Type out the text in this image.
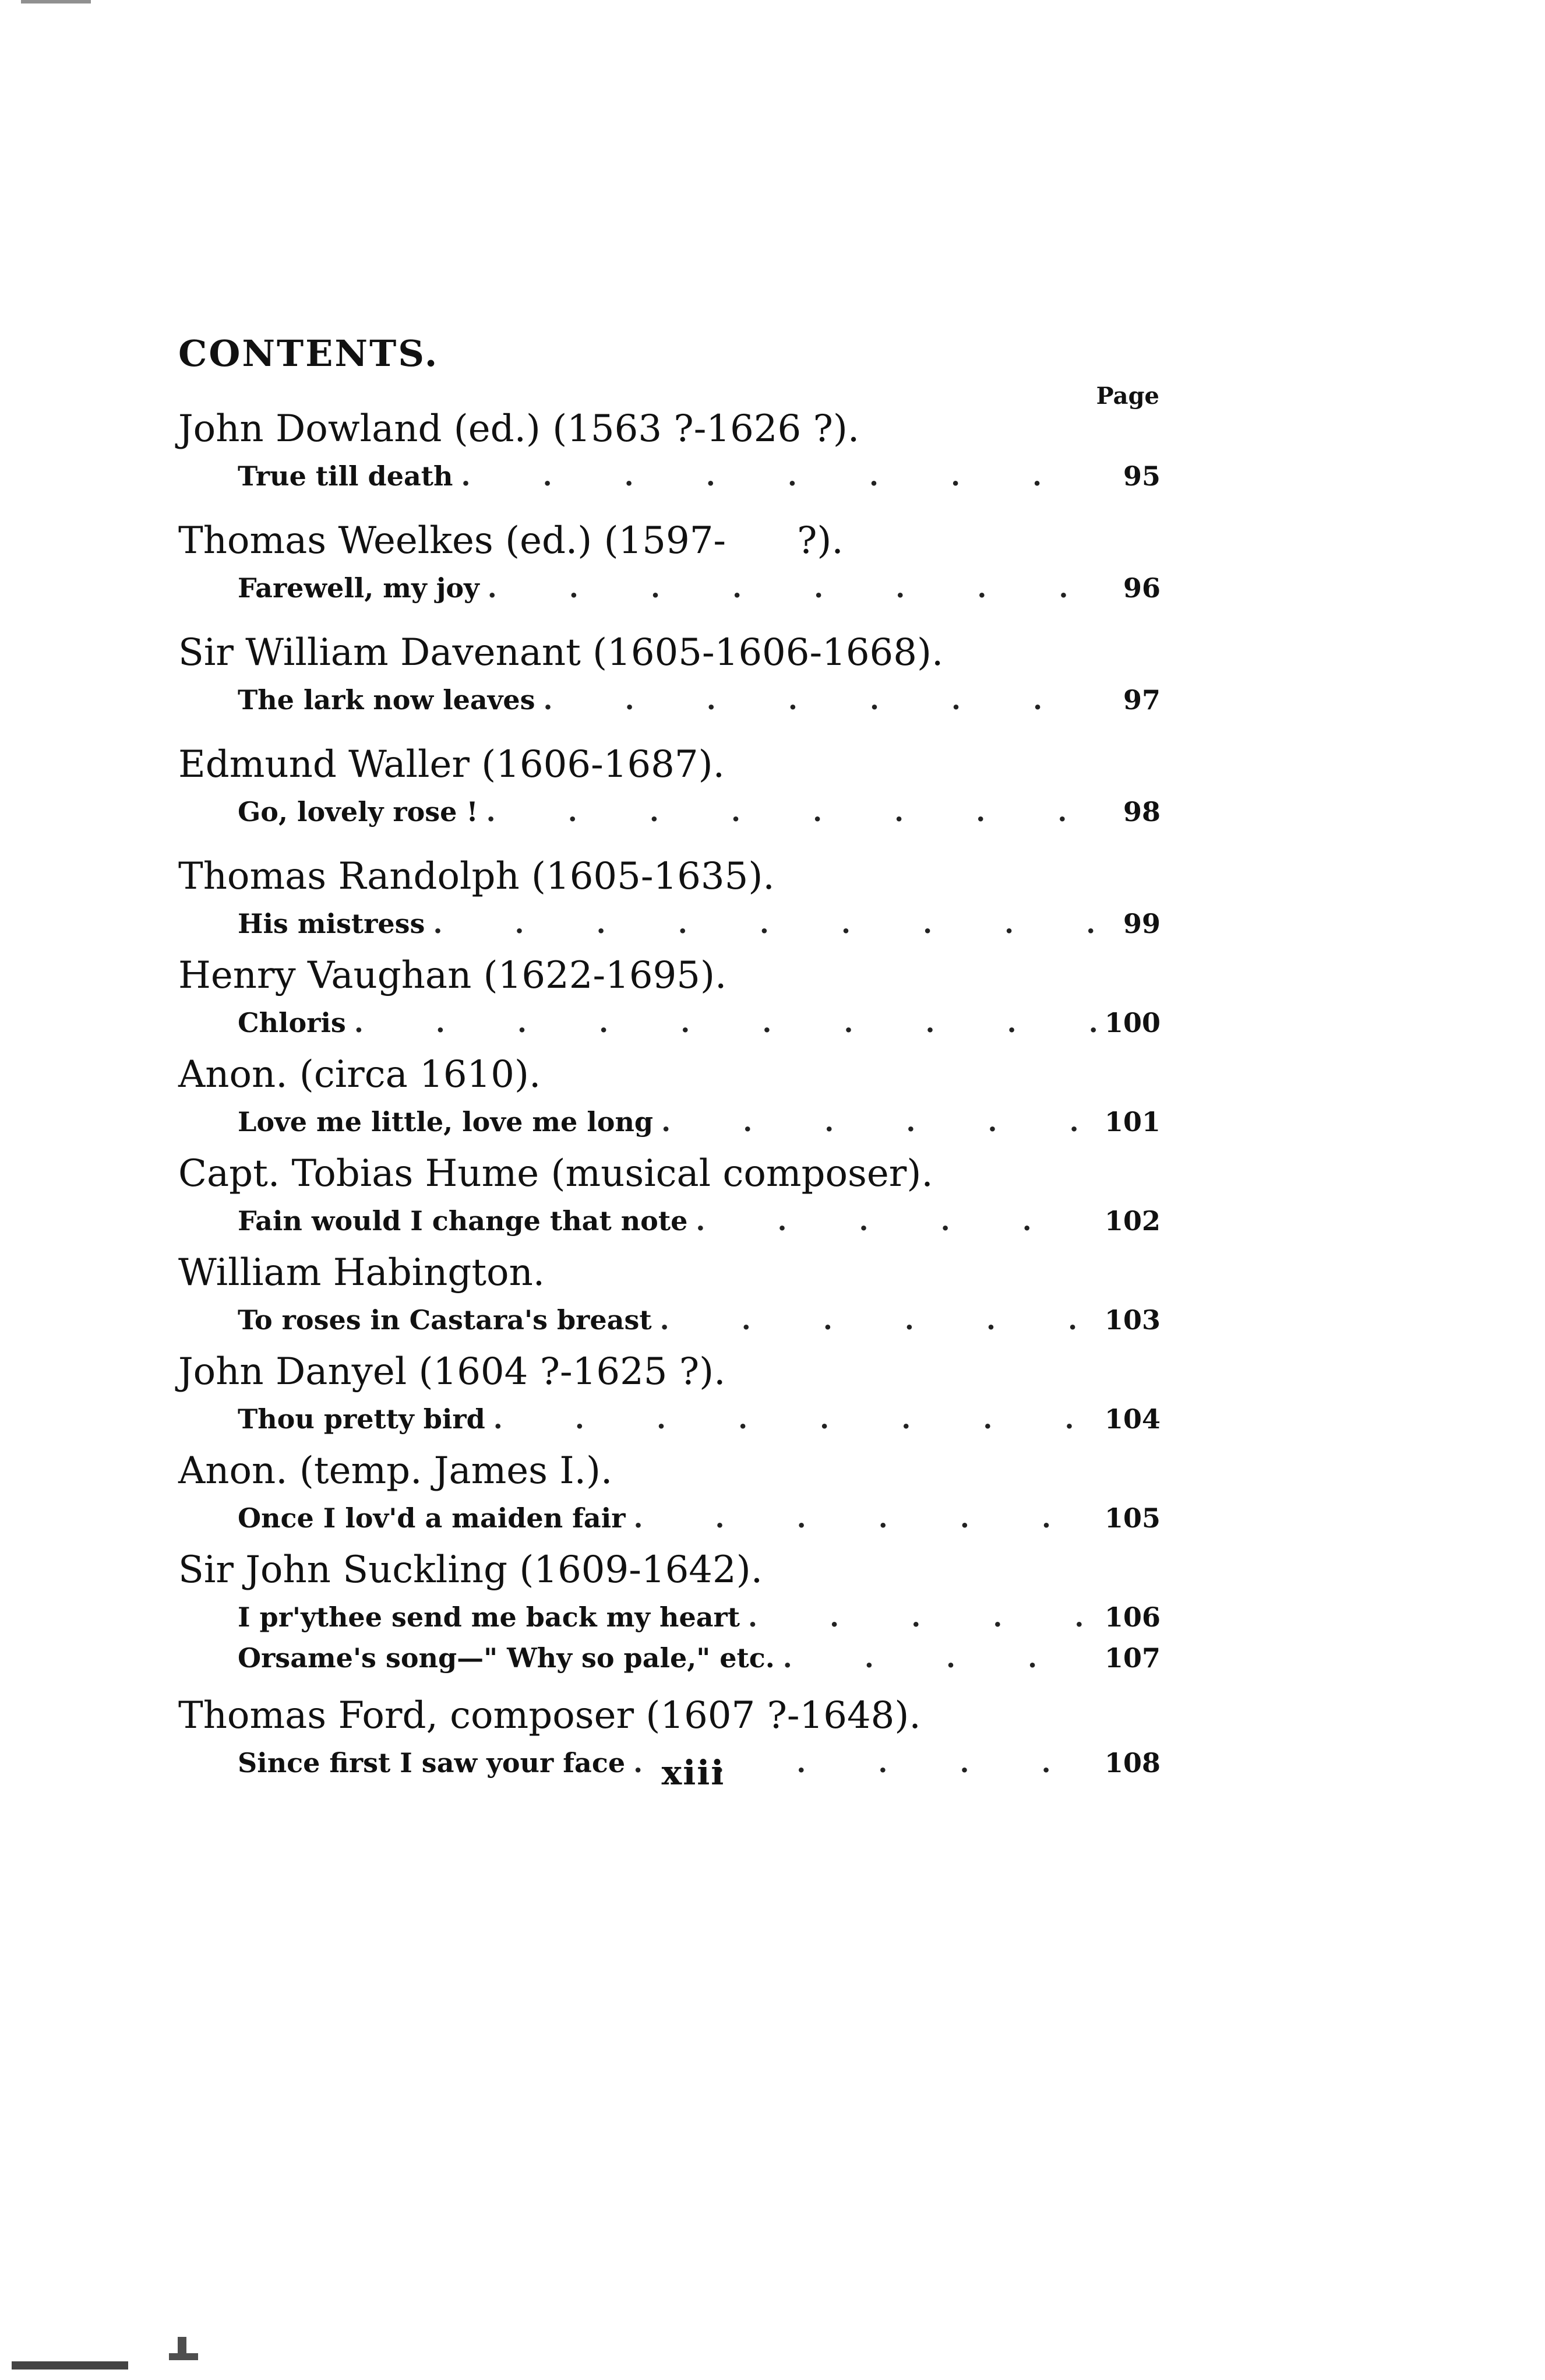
CONTENTS.
Page
John Dowland (ed.) (1563 ?-1626 ?).
True till death .	95
Thomas Weelkes (ed.) (1597-      ?).
Farewell, my joy .	96
Sir William Davenant (1605-1606-1668).
The lark now leaves .	97
Edmund Waller (1606-1687).
Go, lovely rose ! .	98
Thomas Randolph (1605-1635).
His mistress .	99
Henry Vaughan (1622-1695).
Chloris .	100
Anon. (circa 1610).
Love me little, love me long .	101
Capt. Tobias Hume (musical composer).
Fain would I change that note .	102
William Habington.
To roses in Castara's breast .	103
John Danyel (1604 ?-1625 ?).
Thou pretty bird .	104
Anon. (temp. James I.).
Once I lov'd a maiden fair .	105
Sir John Suckling (1609-1642).
I pr'ythee send me back my heart .	106
Orsame's song—" Why so pale," etc. .	107
Thomas Ford, composer (1607 ?-1648).
Since first I saw your face .	108
xiii
